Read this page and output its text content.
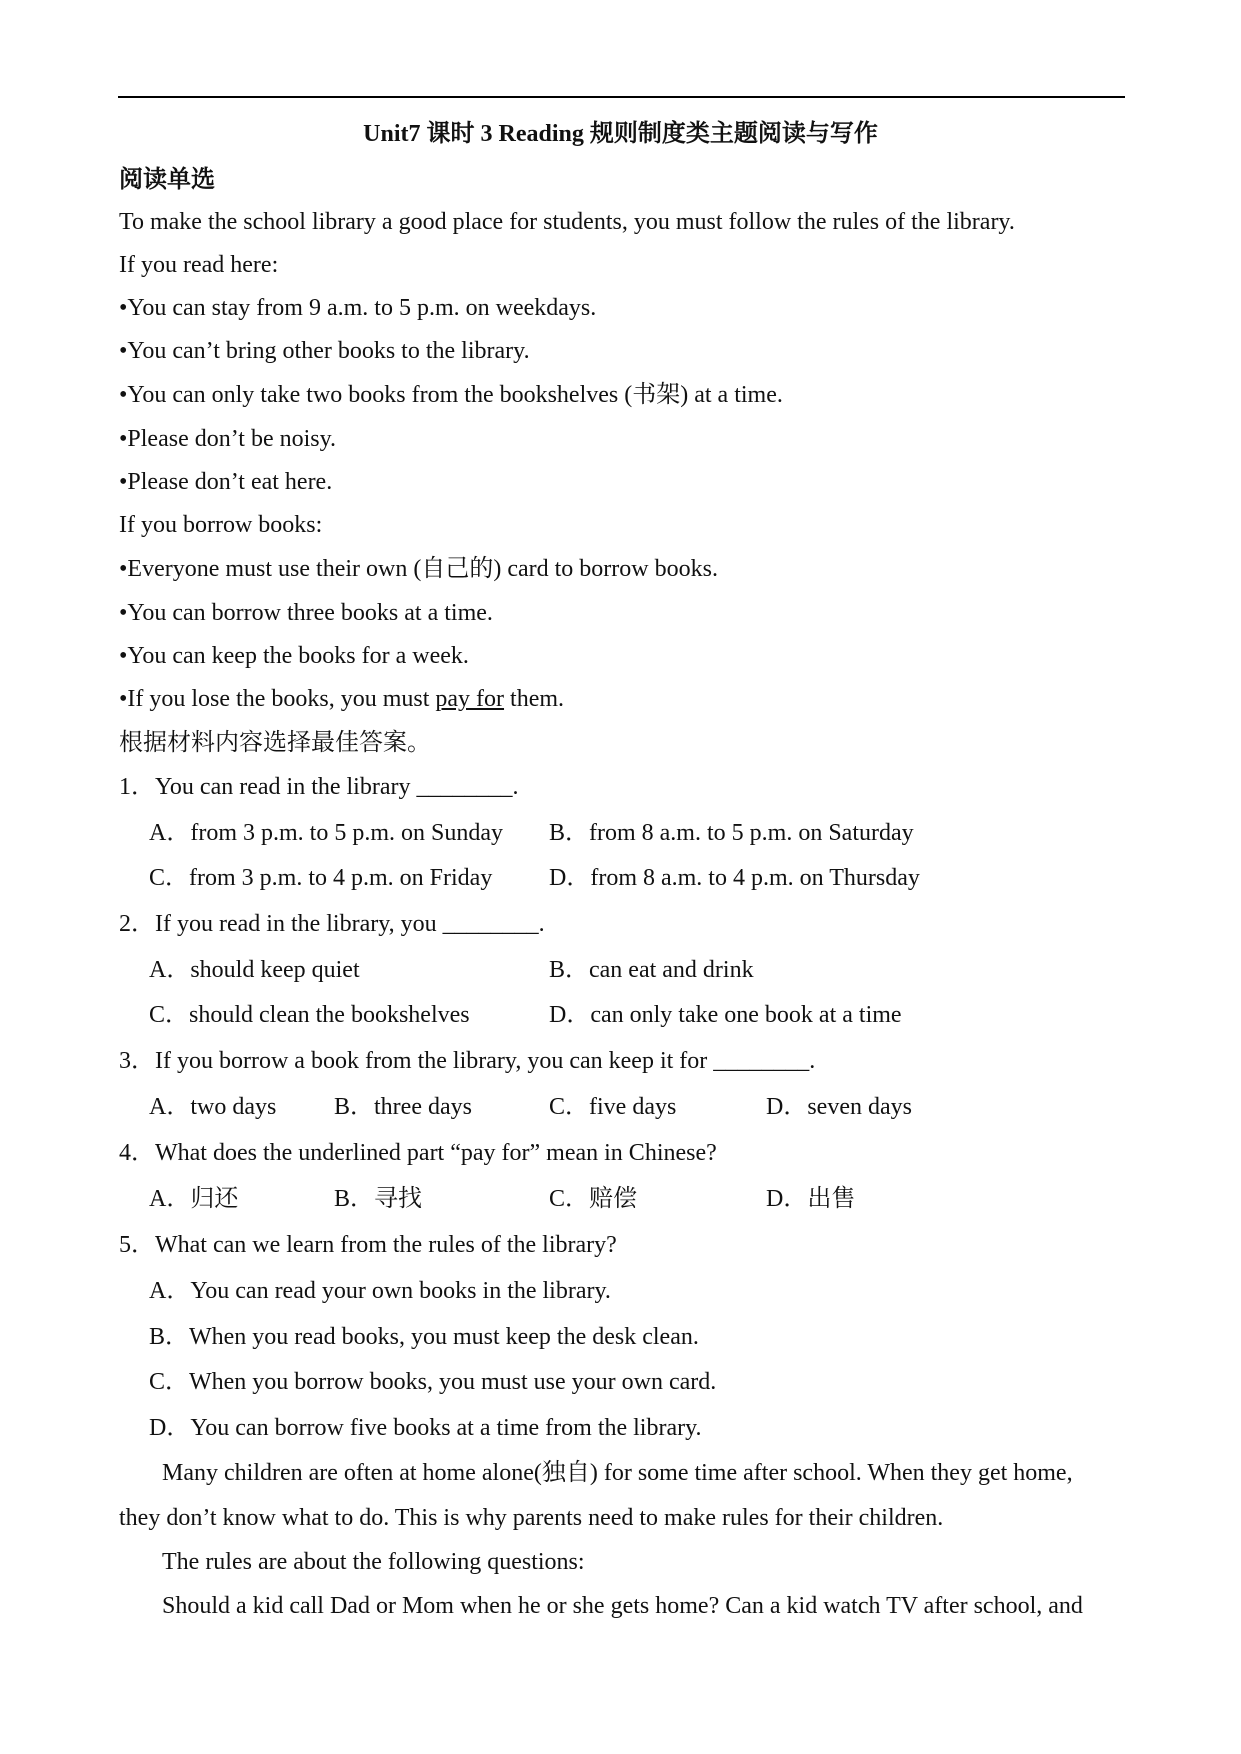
Unit7 课时 3 Reading 规则制度类主题阅读与写作
阅读单选
To make the school library a good place for students, you must follow the rules of the library.
If you read here:
•You can stay from 9 a.m. to 5 p.m. on weekdays.
•You can’t bring other books to the library.
•You can only take two books from the bookshelves (书架) at a time.
•Please don’t be noisy.
•Please don’t eat here.
If you borrow books:
•Everyone must use their own (自己的) card to borrow books.
•You can borrow three books at a time.
•You can keep the books for a week.
•If you lose the books, you must pay for them.
根据材料内容选择最佳答案。
1．You can read in the library ________.
A．from 3 p.m. to 5 p.m. on Sunday B．from 8 a.m. to 5 p.m. on Saturday
C．from 3 p.m. to 4 p.m. on Friday D．from 8 a.m. to 4 p.m. on Thursday
2．If you read in the library, you ________.
A．should keep quiet	B．can eat and drink
C．should clean the bookshelves	D．can only take one book at a time
3．If you borrow a book from the library, you can keep it for ________.
A．two days B．three days	C．five days	D．seven days
4．What does the underlined part “pay for” mean in Chinese?
A．归还	B．寻找	C．赔偿	D．出售
5．What can we learn from the rules of the library?
A．You can read your own books in the library.
B．When you read books, you must keep the desk clean.
C．When you borrow books, you must use your own card.
D．You can borrow five books at a time from the library.
Many children are often at home alone(独自) for some time after school. When they get home,
they don’t know what to do. This is why parents need to make rules for their children.
The rules are about the following questions:
Should a kid call Dad or Mom when he or she gets home? Can a kid watch TV after school, and
